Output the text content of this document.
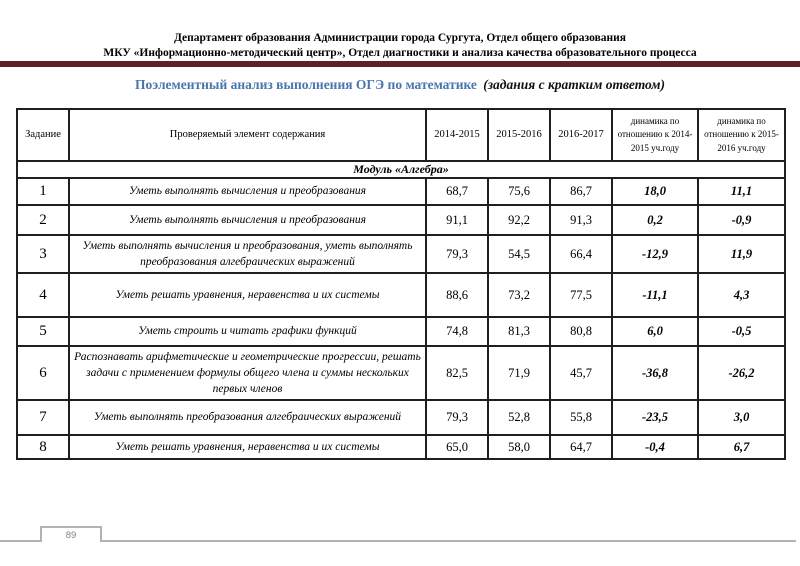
Департамент образования Администрации города Сургута, Отдел общего образования
МКУ «Информационно-методический центр», Отдел диагностики и анализа качества образовательного процесса
Поэлементный анализ выполнения ОГЭ по математике (задания с кратким ответом)
Задание	Проверяемый элемент содержания	2014-2015	2015-2016	2016-2017	динамика по отношению к 2014-2015 уч.году	динамика по отношению к 2015-2016 уч.году
Модуль «Алгебра»						
1	Уметь выполнять вычисления и преобразования	68,7	75,6	86,7	18,0	11,1
2	Уметь выполнять вычисления и преобразования	91,1	92,2	91,3	0,2	-0,9
3	Уметь выполнять вычисления и преобразования, уметь выполнять преобразования алгебраических выражений	79,3	54,5	66,4	-12,9	11,9
4	Уметь решать уравнения, неравенства и их системы	88,6	73,2	77,5	-11,1	4,3
5	Уметь строить и читать графики функций	74,8	81,3	80,8	6,0	-0,5
6	Распознавать арифметические и геометрические прогрессии, решать задачи с применением формулы общего члена и суммы нескольких первых членов	82,5	71,9	45,7	-36,8	-26,2
7	Уметь выполнять преобразования алгебраических выражений	79,3	52,8	55,8	-23,5	3,0
8	Уметь решать уравнения, неравенства и их системы	65,0	58,0	64,7	-0,4	6,7
89
